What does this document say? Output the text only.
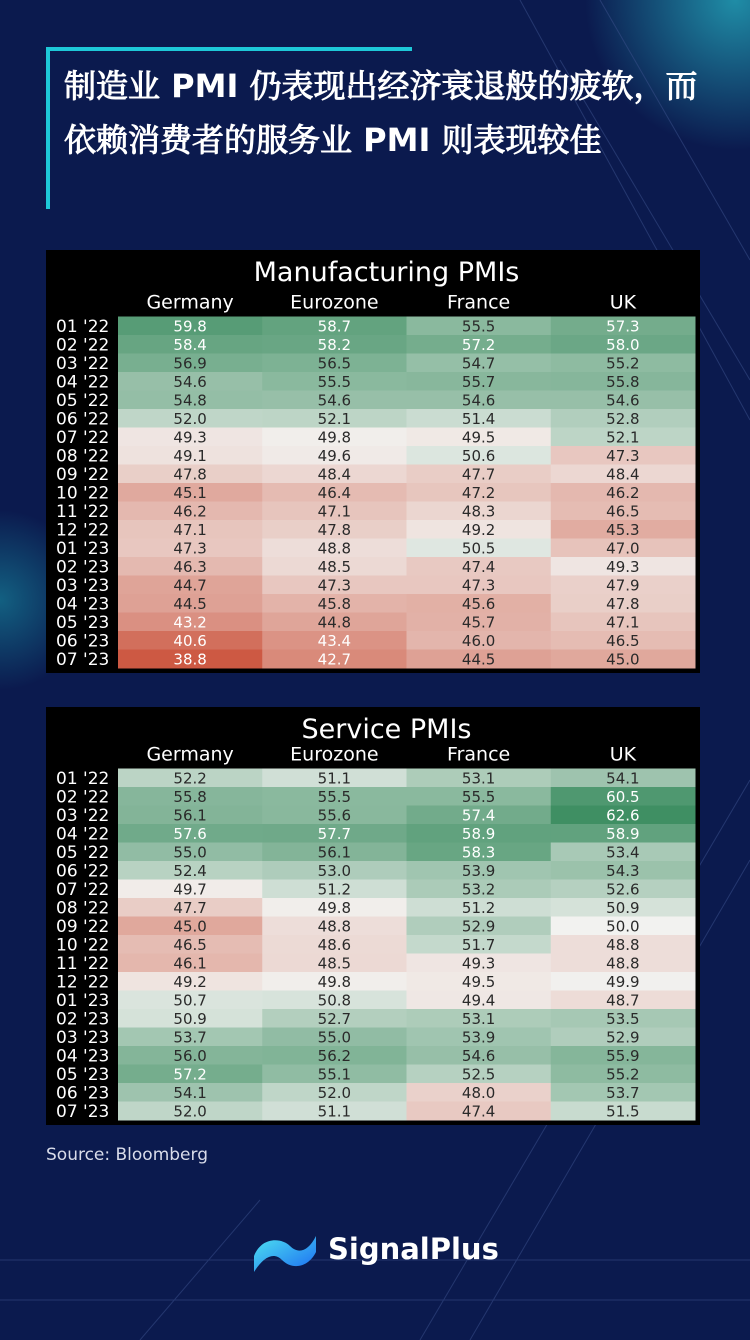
制造业 PMI 仍表现出经济衰退般的疲软，而依赖消费者的服务业 PMI 则表现较佳
Manufacturing PMIs
Germany	Eurozone	France	UK
01 '22	59.8	58.7	55.5	57.3
02 '22	58.4	58.2	57.2	58.0
03 '22	56.9	56.5	54.7	55.2
04 '22	54.6	55.5	55.7	55.8
05 '22	54.8	54.6	54.6	54.6
06 '22	52.0	52.1	51.4	52.8
07 '22	49.3	49.8	49.5	52.1
08 '22	49.1	49.6	50.6	47.3
09 '22	47.8	48.4	47.7	48.4
10 '22	45.1	46.4	47.2	46.2
11 '22	46.2	47.1	48.3	46.5
12 '22	47.1	47.8	49.2	45.3
01 '23	47.3	48.8	50.5	47.0
02 '23	46.3	48.5	47.4	49.3
03 '23	44.7	47.3	47.3	47.9
04 '23	44.5	45.8	45.6	47.8
05 '23	43.2	44.8	45.7	47.1
06 '23	40.6	43.4	46.0	46.5
07 '23	38.8	42.7	44.5	45.0
Service PMIs
Germany	Eurozone	France	UK
01 '22	52.2	51.1	53.1	54.1
02 '22	55.8	55.5	55.5	60.5
03 '22	56.1	55.6	57.4	62.6
04 '22	57.6	57.7	58.9	58.9
05 '22	55.0	56.1	58.3	53.4
06 '22	52.4	53.0	53.9	54.3
07 '22	49.7	51.2	53.2	52.6
08 '22	47.7	49.8	51.2	50.9
09 '22	45.0	48.8	52.9	50.0
10 '22	46.5	48.6	51.7	48.8
11 '22	46.1	48.5	49.3	48.8
12 '22	49.2	49.8	49.5	49.9
01 '23	50.7	50.8	49.4	48.7
02 '23	50.9	52.7	53.1	53.5
03 '23	53.7	55.0	53.9	52.9
04 '23	56.0	56.2	54.6	55.9
05 '23	57.2	55.1	52.5	55.2
06 '23	54.1	52.0	48.0	53.7
07 '23	52.0	51.1	47.4	51.5
Source: Bloomberg
SignalPlus
